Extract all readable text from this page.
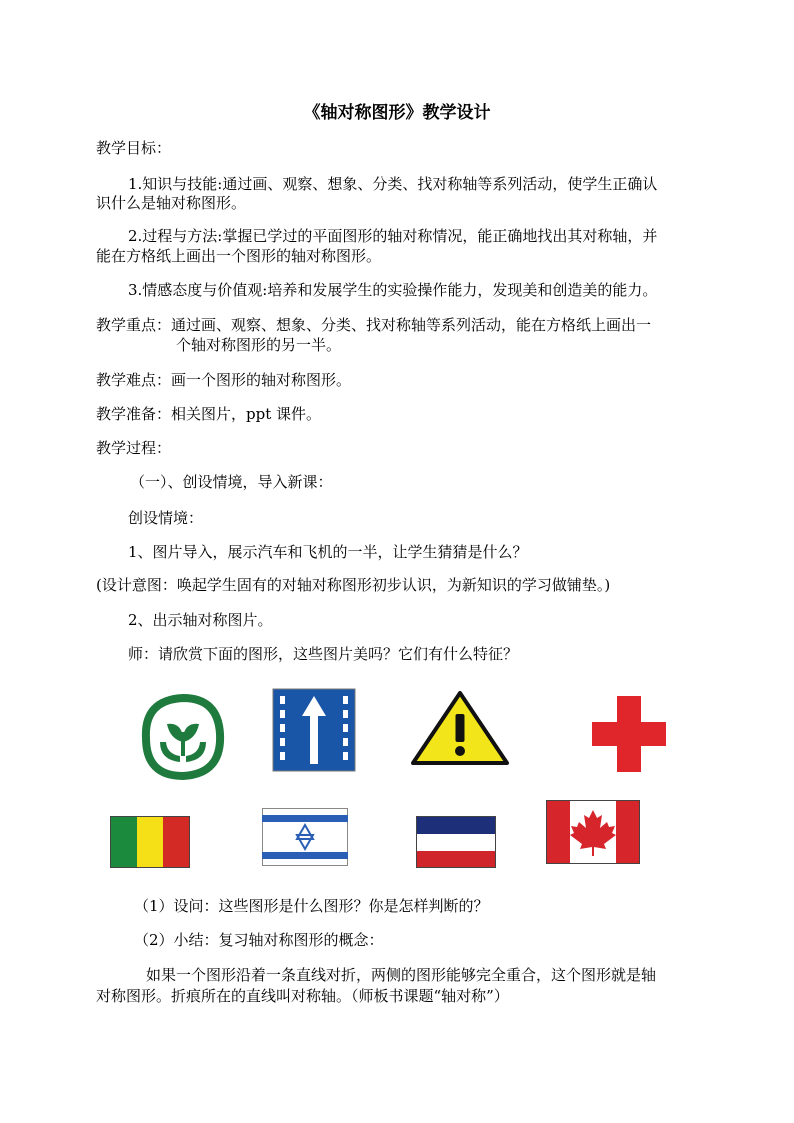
《轴对称图形》教学设计
教学目标：
1.知识与技能:通过画、观察、想象、分类、找对称轴等系列活动，使学生正确认
识什么是轴对称图形。
2.过程与方法:掌握已学过的平面图形的轴对称情况，能正确地找出其对称轴，并
能在方格纸上画出一个图形的轴对称图形。
3.情感态度与价值观:培养和发展学生的实验操作能力，发现美和创造美的能力。
教学重点：通过画、观察、想象、分类、找对称轴等系列活动，能在方格纸上画出一
个轴对称图形的另一半。
教学难点：画一个图形的轴对称图形。
教学准备：相关图片，ppt 课件。
教学过程：
（一）、创设情境，导入新课：
创设情境：
1、图片导入，展示汽车和飞机的一半，让学生猜猜是什么？
(设计意图：唤起学生固有的对轴对称图形初步认识，为新知识的学习做铺垫。)
2、出示轴对称图片。
师：请欣赏下面的图形，这些图片美吗？它们有什么特征？
（1）设问：这些图形是什么图形？你是怎样判断的？
（2）小结：复习轴对称图形的概念：
如果一个图形沿着一条直线对折，两侧的图形能够完全重合，这个图形就是轴
对称图形。折痕所在的直线叫对称轴。（师板书课题“轴对称”）
